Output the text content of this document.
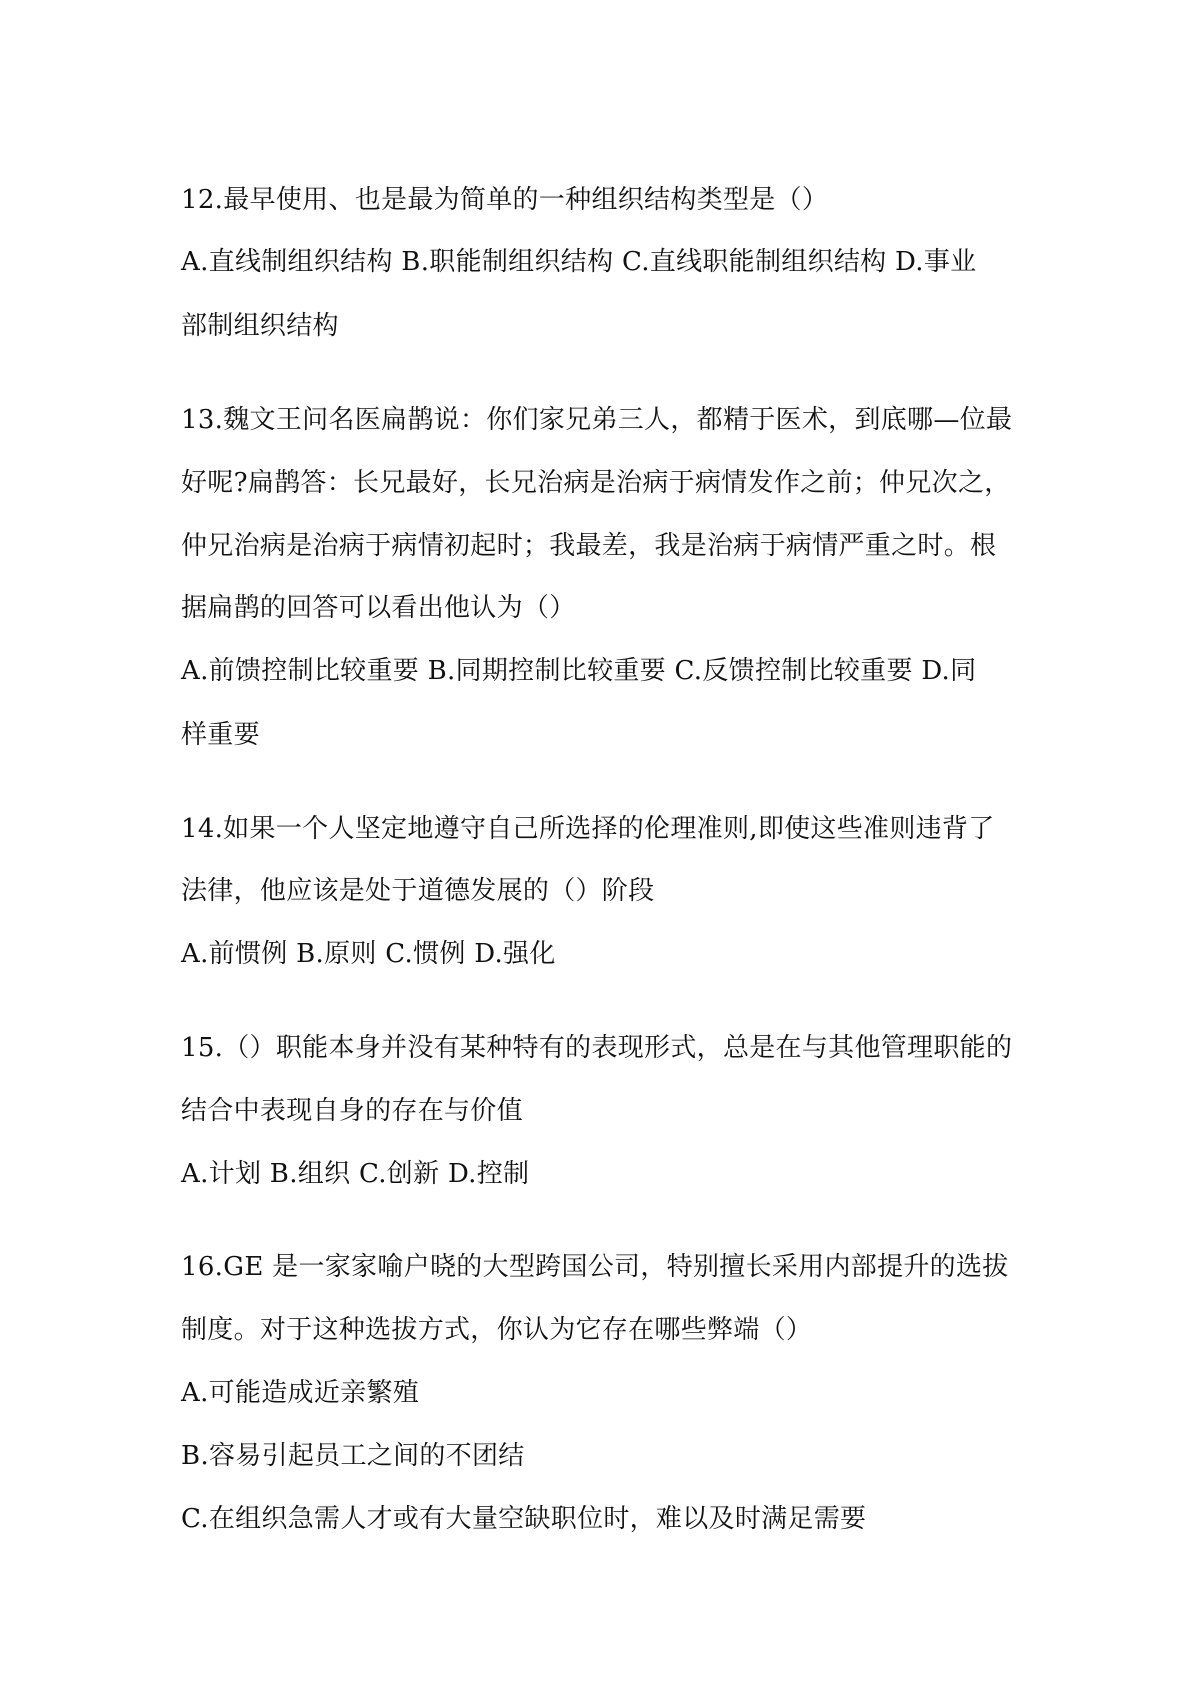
12.最早使用、也是最为简单的一种组织结构类型是（）
A.直线制组织结构 B.职能制组织结构 C.直线职能制组织结构 D.事业
部制组织结构
13.魏文王问名医扁鹊说：你们家兄弟三人，都精于医术，到底哪—位最
好呢?扁鹊答：长兄最好，长兄治病是治病于病情发作之前；仲兄次之，
仲兄治病是治病于病情初起时；我最差，我是治病于病情严重之时。根
据扁鹊的回答可以看出他认为（）
A.前馈控制比较重要 B.同期控制比较重要 C.反馈控制比较重要 D.同
样重要
14.如果一个人坚定地遵守自己所选择的伦理准则,即使这些准则违背了
法律，他应该是处于道德发展的（）阶段
A.前惯例 B.原则 C.惯例 D.强化
15.（）职能本身并没有某种特有的表现形式，总是在与其他管理职能的
结合中表现自身的存在与价值
A.计划 B.组织 C.创新 D.控制
16.GE 是一家家喻户晓的大型跨国公司，特别擅长采用内部提升的选拔
制度。对于这种选拔方式，你认为它存在哪些弊端（）
A.可能造成近亲繁殖
B.容易引起员工之间的不团结
C.在组织急需人才或有大量空缺职位时，难以及时满足需要
